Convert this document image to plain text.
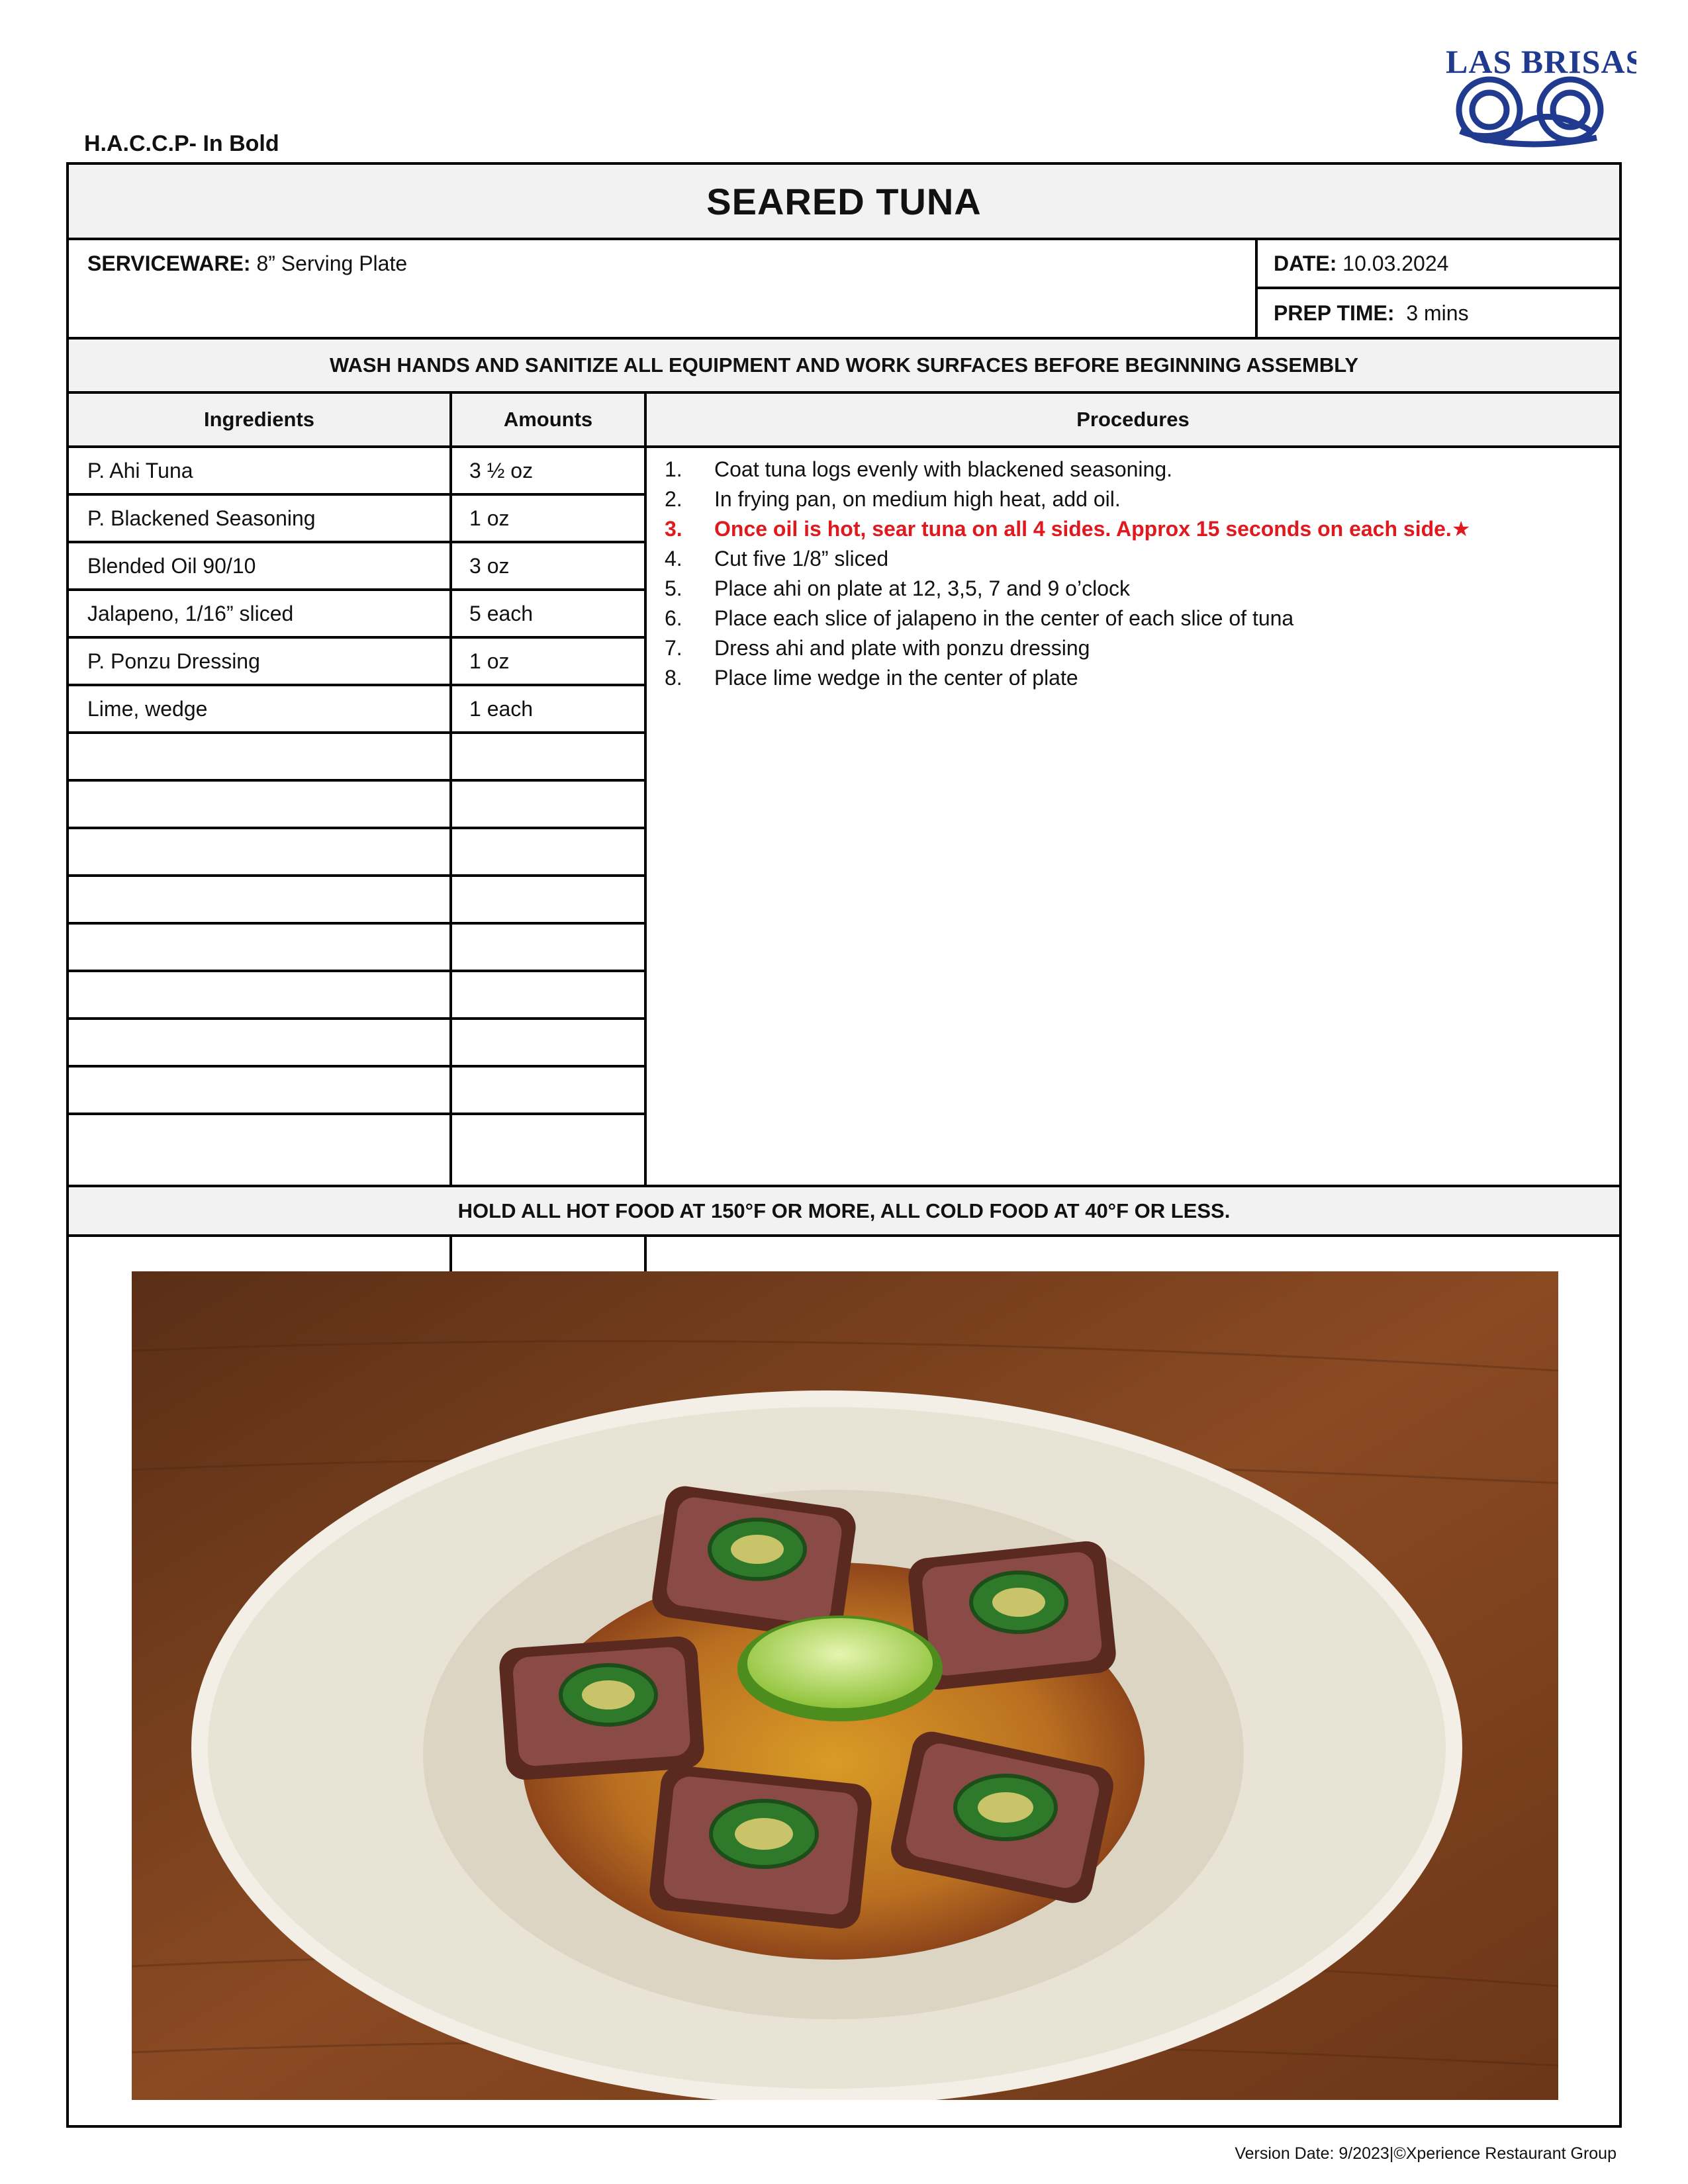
LAS BRISAS
H.A.C.C.P- In Bold
SEARED TUNA
SERVICEWARE: 8” Serving Plate	DATE: 10.03.2024
PREP TIME: 3 mins
WASH HANDS AND SANITIZE ALL EQUIPMENT AND WORK SURFACES BEFORE BEGINNING ASSEMBLY
Ingredients	Amounts	Procedures
P. Ahi Tuna	3 ½ oz
P. Blackened Seasoning	1 oz
Blended Oil 90/10	3 oz
Jalapeno, 1/16” sliced	5 each
P. Ponzu Dressing	1 oz
Lime, wedge	1 each
1.	Coat tuna logs evenly with blackened seasoning.
2.	In frying pan, on medium high heat, add oil.
3.	Once oil is hot, sear tuna on all 4 sides. Approx 15 seconds on each side.★
4.	Cut five 1/8” sliced
5.	Place ahi on plate at 12, 3,5, 7 and 9 o’clock
6.	Place each slice of jalapeno in the center of each slice of tuna
7.	Dress ahi and plate with ponzu dressing
8.	Place lime wedge in the center of plate
HOLD ALL HOT FOOD AT 150°F OR MORE, ALL COLD FOOD AT 40°F OR LESS.
Version Date: 9/2023|©Xperience Restaurant Group
